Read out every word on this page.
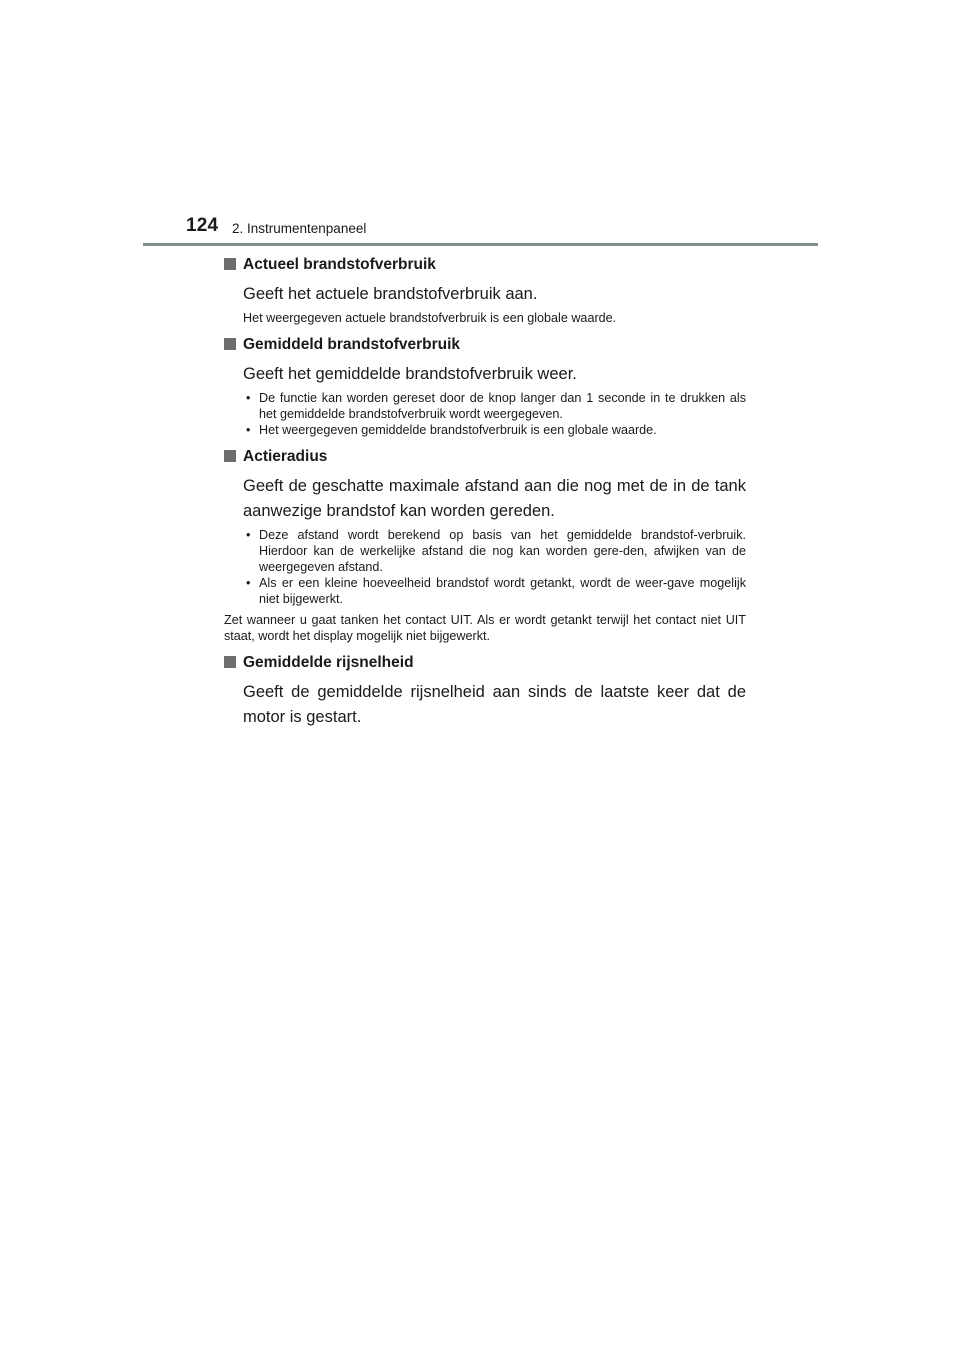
124 2. Instrumentenpaneel
Actueel brandstofverbruik
Geeft het actuele brandstofverbruik aan.
Het weergegeven actuele brandstofverbruik is een globale waarde.
Gemiddeld brandstofverbruik
Geeft het gemiddelde brandstofverbruik weer.
• De functie kan worden gereset door de knop langer dan 1 seconde in te drukken als het gemiddelde brandstofverbruik wordt weergegeven.
• Het weergegeven gemiddelde brandstofverbruik is een globale waarde.
Actieradius
Geeft de geschatte maximale afstand aan die nog met de in de tank aanwezige brandstof kan worden gereden.
• Deze afstand wordt berekend op basis van het gemiddelde brandstof-verbruik. Hierdoor kan de werkelijke afstand die nog kan worden gere-den, afwijken van de weergegeven afstand.
• Als er een kleine hoeveelheid brandstof wordt getankt, wordt de weer-gave mogelijk niet bijgewerkt.
Zet wanneer u gaat tanken het contact UIT. Als er wordt getankt terwijl het contact niet UIT staat, wordt het display mogelijk niet bijgewerkt.
Gemiddelde rijsnelheid
Geeft de gemiddelde rijsnelheid aan sinds de laatste keer dat de motor is gestart.
